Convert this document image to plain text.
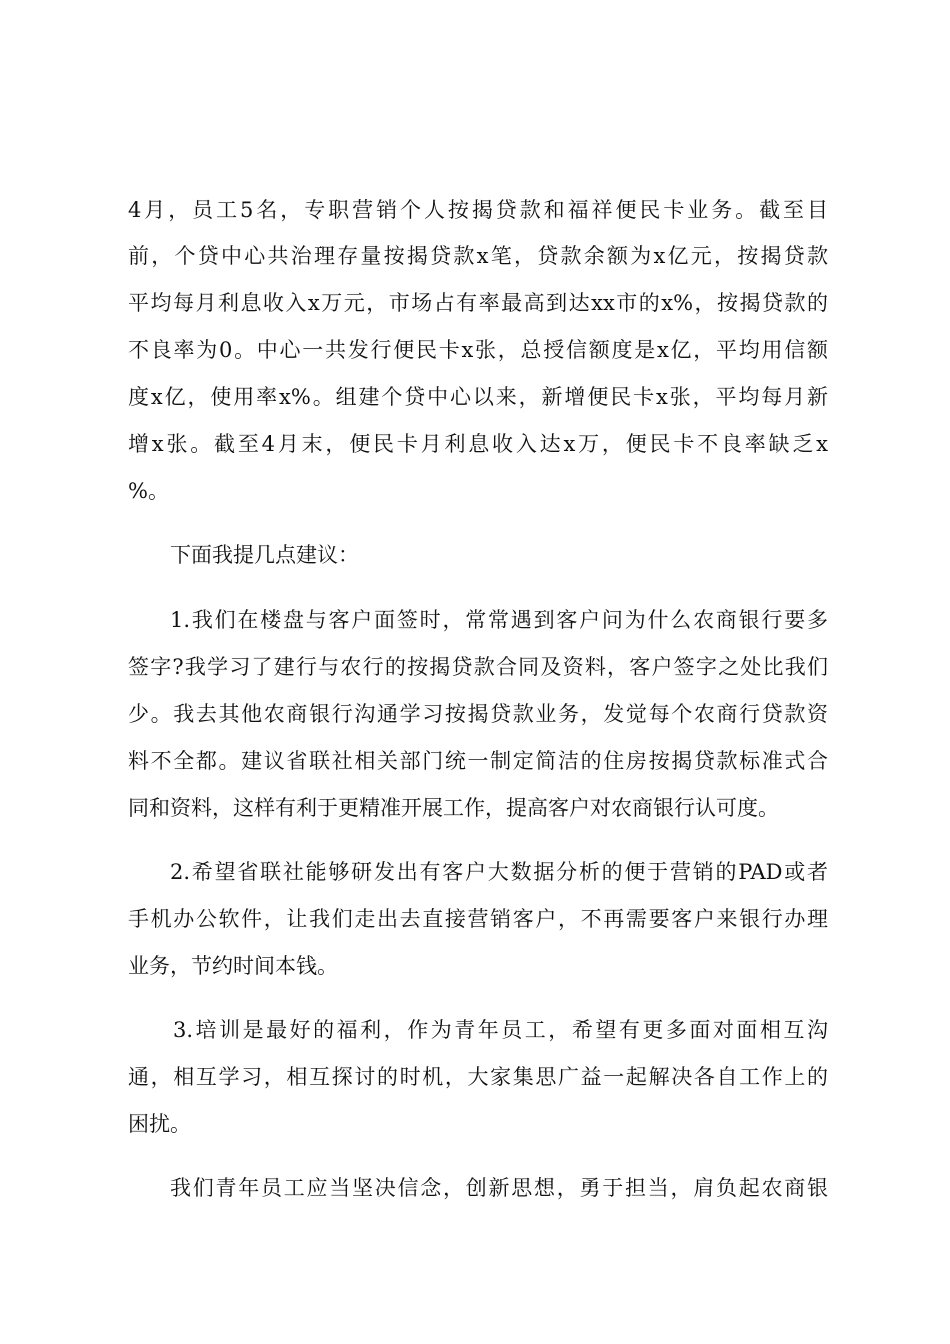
4月，员工5名，专职营销个人按揭贷款和福祥便民卡业务。截至目
前，个贷中心共治理存量按揭贷款x笔，贷款余额为x亿元，按揭贷款
平均每月利息收入x万元，市场占有率最高到达xx市的x%，按揭贷款的
不良率为0。中心一共发行便民卡x张，总授信额度是x亿，平均用信额
度x亿，使用率x%。组建个贷中心以来，新增便民卡x张，平均每月新
增x张。截至4月末，便民卡月利息收入达x万，便民卡不良率缺乏x
%。
下面我提几点建议：
1.我们在楼盘与客户面签时，常常遇到客户问为什么农商银行要多
签字?我学习了建行与农行的按揭贷款合同及资料，客户签字之处比我们
少。我去其他农商银行沟通学习按揭贷款业务，发觉每个农商行贷款资
料不全都。建议省联社相关部门统一制定简洁的住房按揭贷款标准式合
同和资料，这样有利于更精准开展工作，提高客户对农商银行认可度。
2.希望省联社能够研发出有客户大数据分析的便于营销的PAD或者
手机办公软件，让我们走出去直接营销客户，不再需要客户来银行办理
业务，节约时间本钱。
3.培训是最好的福利，作为青年员工，希望有更多面对面相互沟
通，相互学习，相互探讨的时机，大家集思广益一起解决各自工作上的
困扰。
我们青年员工应当坚决信念，创新思想，勇于担当，肩负起农商银
